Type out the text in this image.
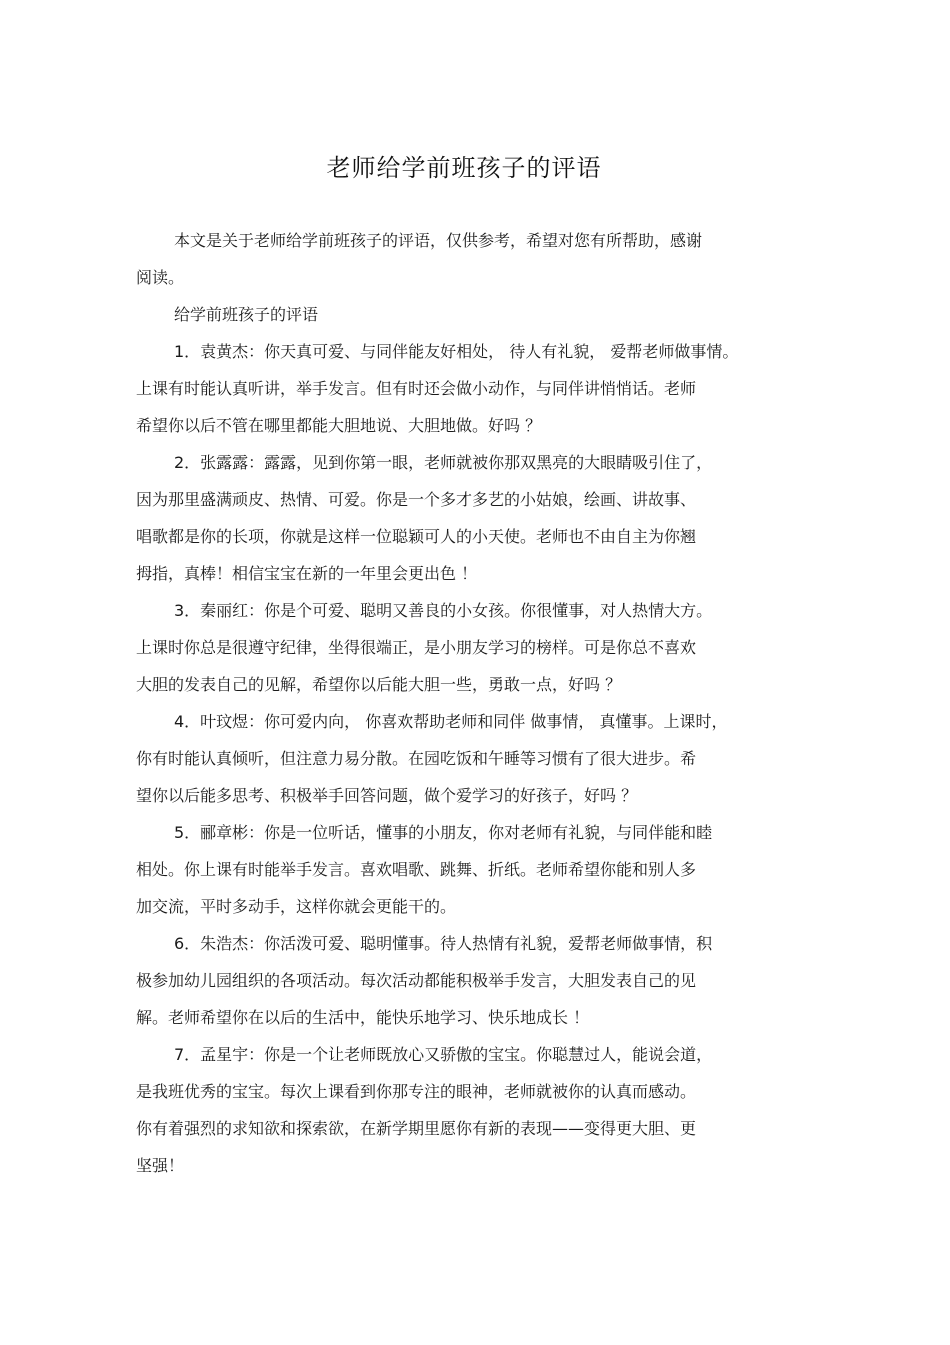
老师给学前班孩子的评语
本文是关于老师给学前班孩子的评语，仅供参考，希望对您有所帮助，感谢
阅读。
给学前班孩子的评语
1．袁黄杰：你天真可爱、与同伴能友好相处， 待人有礼貌， 爱帮老师做事情。
上课有时能认真听讲，举手发言。但有时还会做小动作，与同伴讲悄悄话。老师
希望你以后不管在哪里都能大胆地说、大胆地做。好吗 ？
2．张露露：露露，见到你第一眼，老师就被你那双黑亮的大眼睛吸引住了，
因为那里盛满顽皮、热情、可爱。你是一个多才多艺的小姑娘，绘画、讲故事、
唱歌都是你的长项，你就是这样一位聪颖可人的小天使。老师也不由自主为你翘
拇指，真棒！相信宝宝在新的一年里会更出色 ！
3．秦丽红：你是个可爱、聪明又善良的小女孩。你很懂事，对人热情大方。
上课时你总是很遵守纪律，坐得很端正，是小朋友学习的榜样。可是你总不喜欢
大胆的发表自己的见解，希望你以后能大胆一些，勇敢一点，好吗 ？
4．叶玟煜：你可爱内向， 你喜欢帮助老师和同伴 做事情， 真懂事。上课时，
你有时能认真倾听，但注意力易分散。在园吃饭和午睡等习惯有了很大进步。希
望你以后能多思考、积极举手回答问题，做个爱学习的好孩子，好吗 ？
5．郦章彬：你是一位听话，懂事的小朋友，你对老师有礼貌，与同伴能和睦
相处。你上课有时能举手发言。喜欢唱歌、跳舞、折纸。老师希望你能和别人多
加交流，平时多动手，这样你就会更能干的。
6．朱浩杰：你活泼可爱、聪明懂事。待人热情有礼貌，爱帮老师做事情，积
极参加幼儿园组织的各项活动。每次活动都能积极举手发言，大胆发表自己的见
解。老师希望你在以后的生活中，能快乐地学习、快乐地成长 ！
7．孟星宇：你是一个让老师既放心又骄傲的宝宝。你聪慧过人，能说会道，
是我班优秀的宝宝。每次上课看到你那专注的眼神，老师就被你的认真而感动。
你有着强烈的求知欲和探索欲，在新学期里愿你有新的表现——变得更大胆、更
坚强！
